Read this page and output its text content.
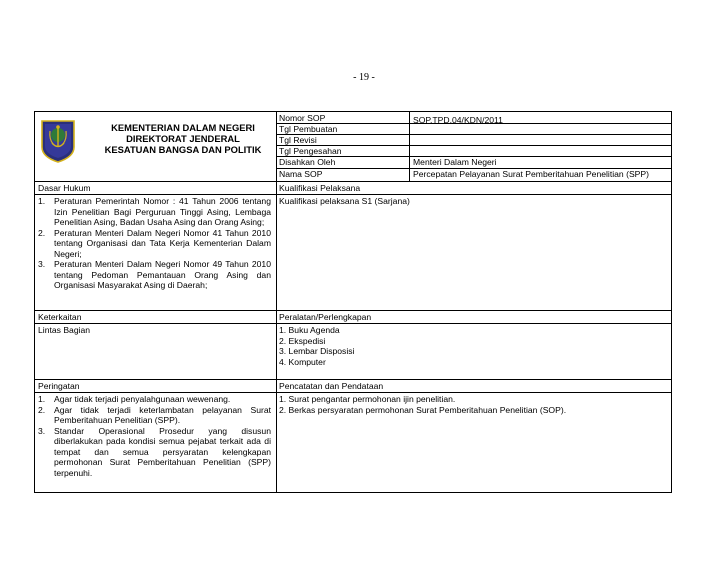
- 19 -
KEMENTERIAN DALAM NEGERI
DIREKTORAT JENDERAL
KESATUAN BANGSA DAN POLITIK
Nomor SOP	SOP.TPD.04/KDN/2011
Tgl Pembuatan
Tgl Revisi
Tgl Pengesahan
Disahkan Oleh	Menteri Dalam Negeri
Nama SOP	Percepatan Pelayanan Surat Pemberitahuan Penelitian (SPP)
Dasar Hukum
1. Peraturan Pemerintah Nomor : 41 Tahun 2006 tentang Izin Penelitian Bagi Perguruan Tinggi Asing, Lembaga Penelitian Asing, Badan Usaha Asing dan Orang Asing;
2. Peraturan Menteri Dalam Negeri Nomor 41 Tahun 2010 tentang Organisasi dan Tata Kerja Kementerian Dalam Negeri;
3. Peraturan Menteri Dalam Negeri Nomor 49 Tahun 2010 tentang Pedoman Pemantauan Orang Asing dan Organisasi Masyarakat Asing di Daerah;
Kualifikasi Pelaksana
Kualifikasi pelaksana S1 (Sarjana)
Keterkaitan
Lintas Bagian
Peralatan/Perlengkapan
1. Buku Agenda
2. Ekspedisi
3. Lembar Disposisi
4. Komputer
Peringatan
1. Agar tidak terjadi penyalahgunaan wewenang.
2. Agar tidak terjadi keterlambatan pelayanan Surat Pemberitahuan Penelitian (SPP).
3. Standar Operasional Prosedur yang disusun diberlakukan pada kondisi semua pejabat terkait ada di tempat dan semua persyaratan kelengkapan permohonan Surat Pemberitahuan Penelitian (SPP) terpenuhi.
Pencatatan dan Pendataan
1. Surat pengantar permohonan ijin penelitian.
2. Berkas persyaratan permohonan Surat Pemberitahuan Penelitian (SOP).
